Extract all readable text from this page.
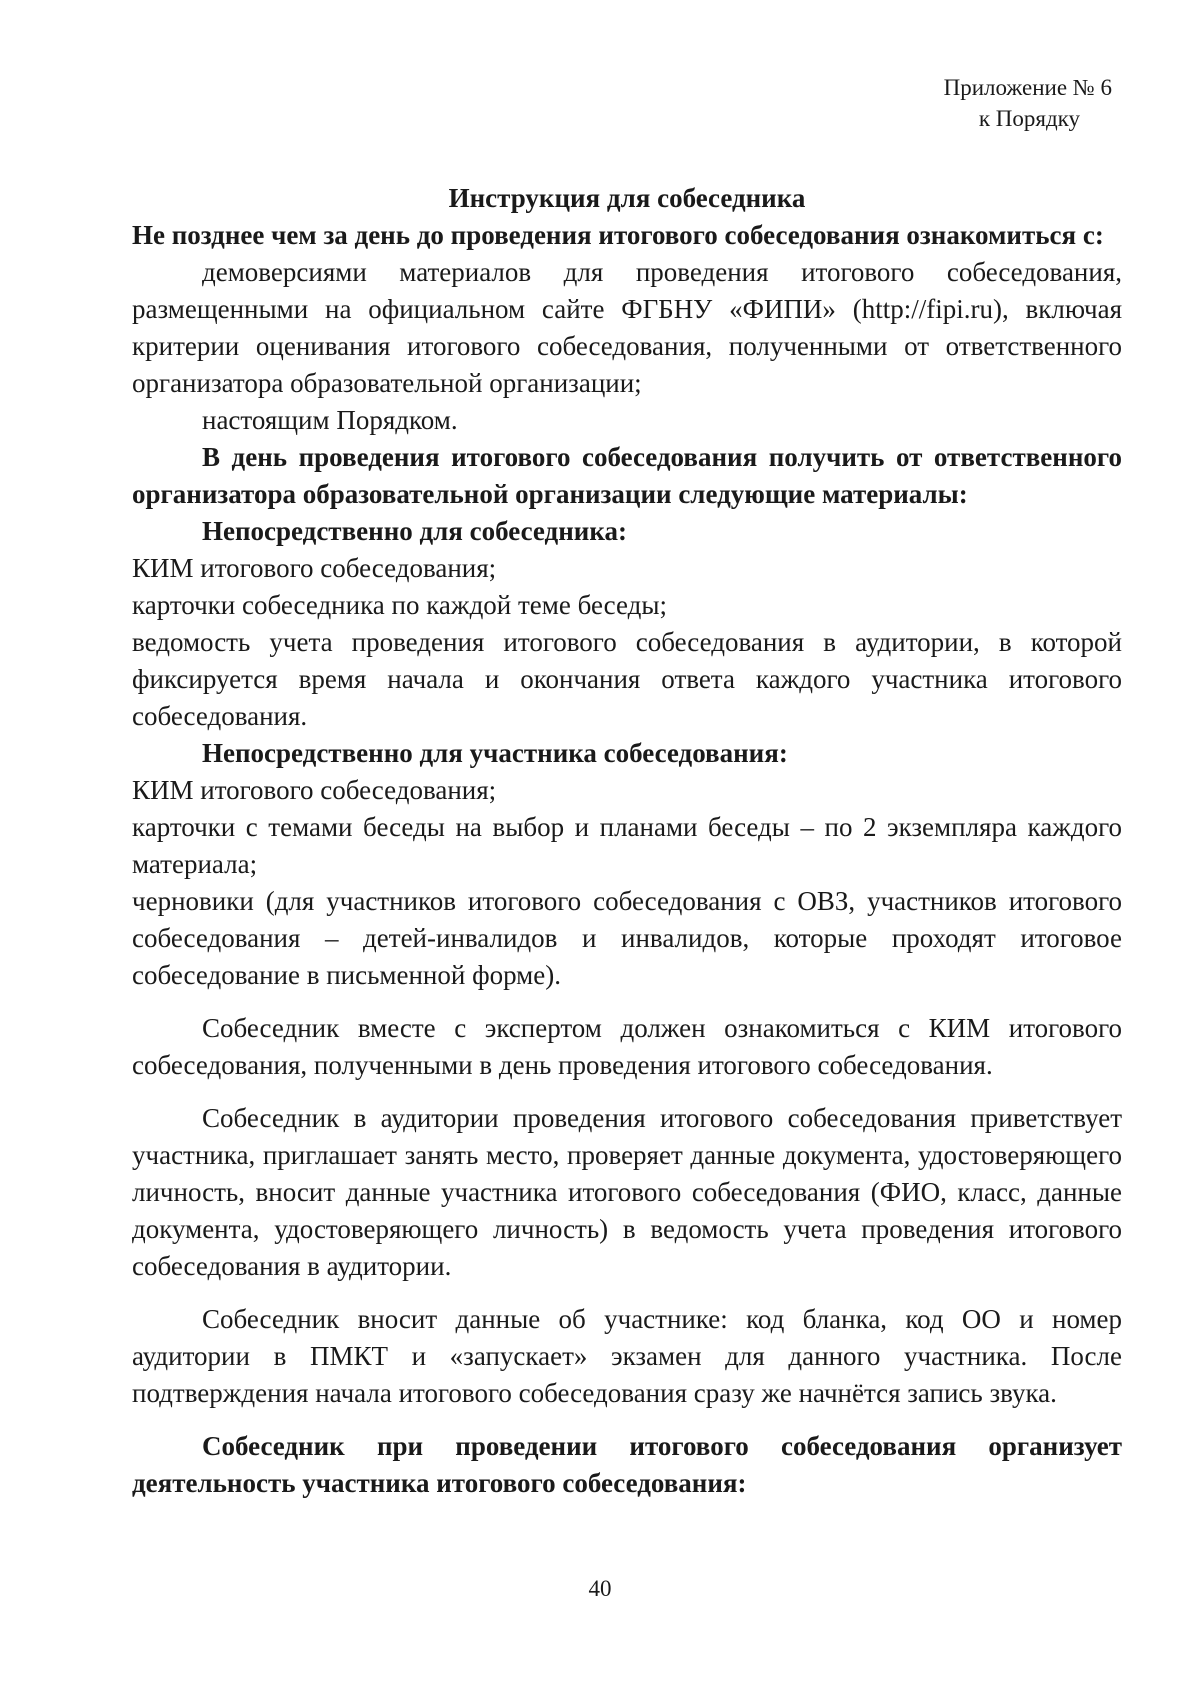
Приложение № 6
к Порядку

Инструкция для собеседника

Не позднее чем за день до проведения итогового собеседования ознакомиться с:

демоверсиями материалов для проведения итогового собеседования, размещенными на официальном сайте ФГБНУ «ФИПИ» (http://fipi.ru), включая критерии оценивания итогового собеседования, полученными от ответственного организатора образовательной организации;

настоящим Порядком.

В день проведения итогового собеседования получить от ответственного организатора образовательной организации следующие материалы:

Непосредственно для собеседника:

КИМ итогового собеседования;

карточки собеседника по каждой теме беседы;

ведомость учета проведения итогового собеседования в аудитории, в которой фиксируется время начала и окончания ответа каждого участника итогового собеседования.

Непосредственно для участника собеседования:

КИМ итогового собеседования;

карточки с темами беседы на выбор и планами беседы – по 2 экземпляра каждого материала;

черновики (для участников итогового собеседования с ОВЗ, участников итогового собеседования – детей-инвалидов и инвалидов, которые проходят итоговое собеседование в письменной форме).

Собеседник вместе с экспертом должен ознакомиться с КИМ итогового собеседования, полученными в день проведения итогового собеседования.

Собеседник в аудитории проведения итогового собеседования приветствует участника, приглашает занять место, проверяет данные документа, удостоверяющего личность, вносит данные участника итогового собеседования (ФИО, класс, данные документа, удостоверяющего личность) в ведомость учета проведения итогового собеседования в аудитории.

Собеседник вносит данные об участнике: код бланка, код ОО и номер аудитории в ПМКТ и «запускает» экзамен для данного участника. После подтверждения начала итогового собеседования сразу же начнётся запись звука.

Собеседник при проведении итогового собеседования организует деятельность участника итогового собеседования:

40
